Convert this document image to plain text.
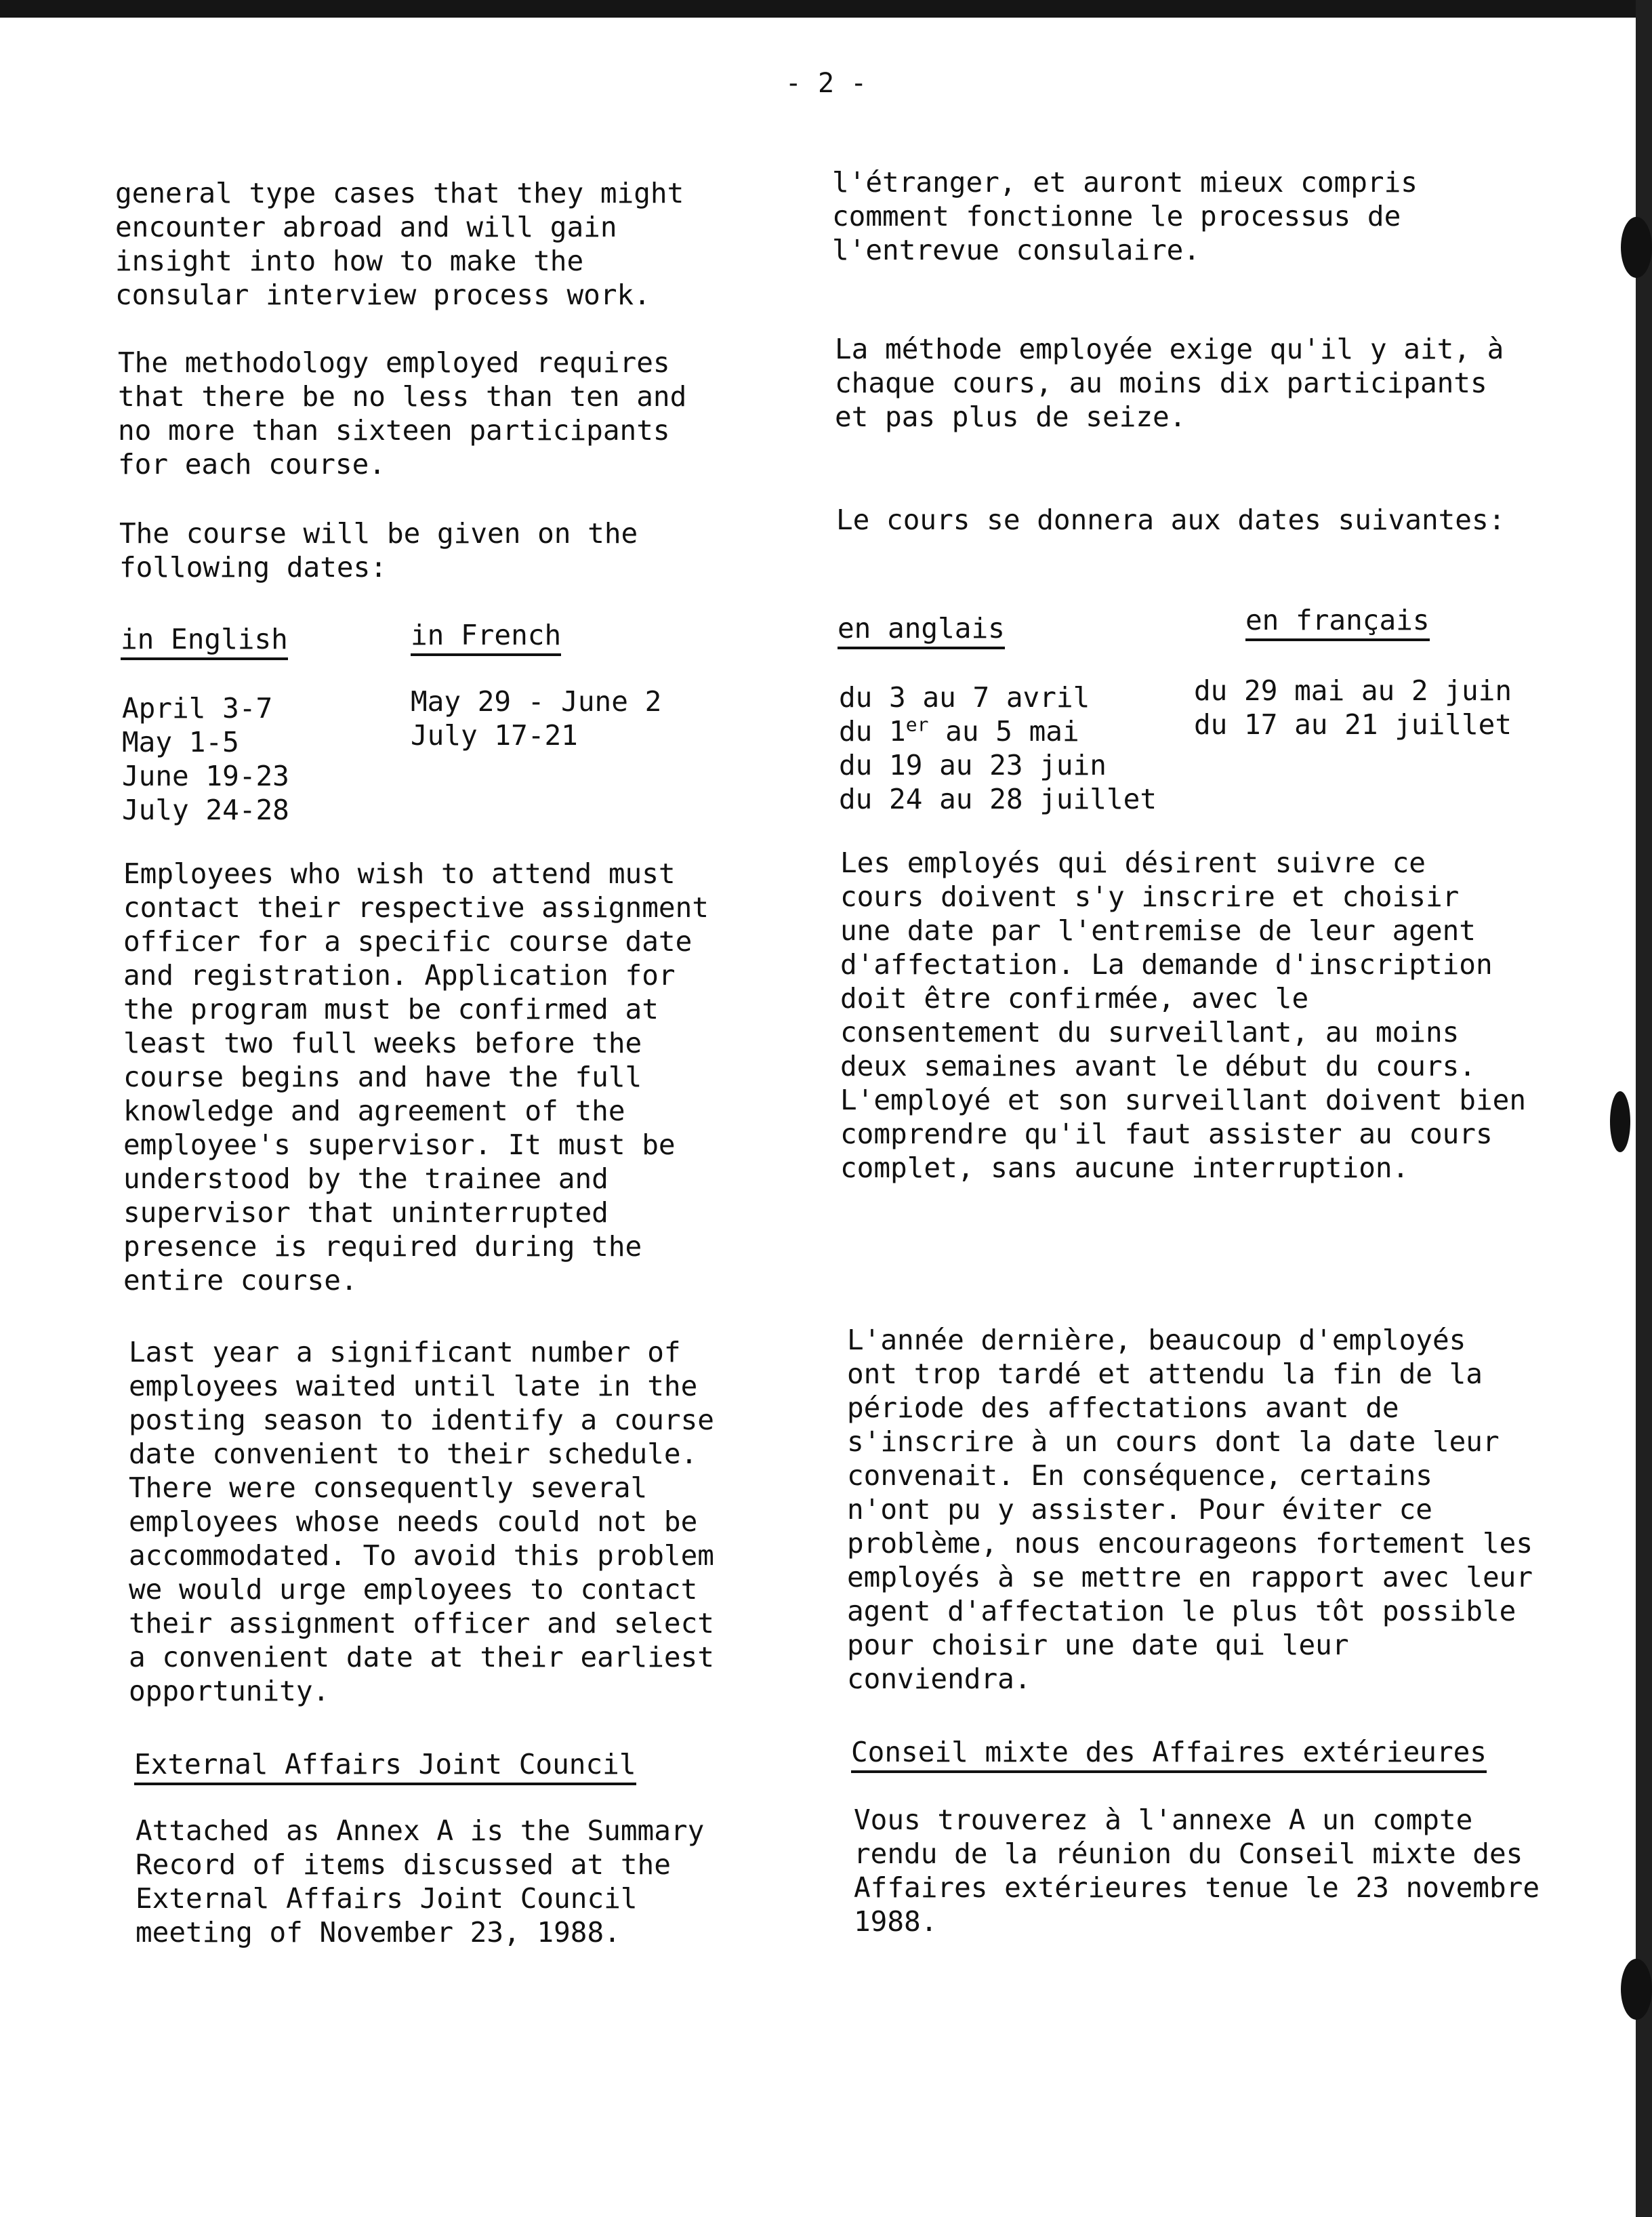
- 2 -

general type cases that they might
encounter abroad and will gain
insight into how to make the
consular interview process work.

The methodology employed requires
that there be no less than ten and
no more than sixteen participants
for each course.

The course will be given on the
following dates:

in English	in French

April 3-7
May 1-5
June 19-23
July 24-28

May 29 - June 2
July 17-21

Employees who wish to attend must
contact their respective assignment
officer for a specific course date
and registration. Application for
the program must be confirmed at
least two full weeks before the
course begins and have the full
knowledge and agreement of the
employee's supervisor. It must be
understood by the trainee and
supervisor that uninterrupted
presence is required during the
entire course.

Last year a significant number of
employees waited until late in the
posting season to identify a course
date convenient to their schedule.
There were consequently several
employees whose needs could not be
accommodated. To avoid this problem
we would urge employees to contact
their assignment officer and select
a convenient date at their earliest
opportunity.

External Affairs Joint Council

Attached as Annex A is the Summary
Record of items discussed at the
External Affairs Joint Council
meeting of November 23, 1988.

l'étranger, et auront mieux compris
comment fonctionne le processus de
l'entrevue consulaire.

La méthode employée exige qu'il y ait, à
chaque cours, au moins dix participants
et pas plus de seize.

Le cours se donnera aux dates suivantes:

en anglais	en français
du 3 au 7 avril
du 1er au 5 mai
du 19 au 23 juin
du 24 au 28 juillet

du 29 mai au 2 juin
du 17 au 21 juillet

Les employés qui désirent suivre ce
cours doivent s'y inscrire et choisir
une date par l'entremise de leur agent
d'affectation. La demande d'inscription
doit être confirmée, avec le
consentement du surveillant, au moins
deux semaines avant le début du cours.
L'employé et son surveillant doivent bien
comprendre qu'il faut assister au cours
complet, sans aucune interruption.

L'année dernière, beaucoup d'employés
ont trop tardé et attendu la fin de la
période des affectations avant de
s'inscrire à un cours dont la date leur
convenait. En conséquence, certains
n'ont pu y assister. Pour éviter ce
problème, nous encourageons fortement les
employés à se mettre en rapport avec leur
agent d'affectation le plus tôt possible
pour choisir une date qui leur
conviendra.

Conseil mixte des Affaires extérieures

Vous trouverez à l'annexe A un compte
rendu de la réunion du Conseil mixte des
Affaires extérieures tenue le 23 novembre
1988.
